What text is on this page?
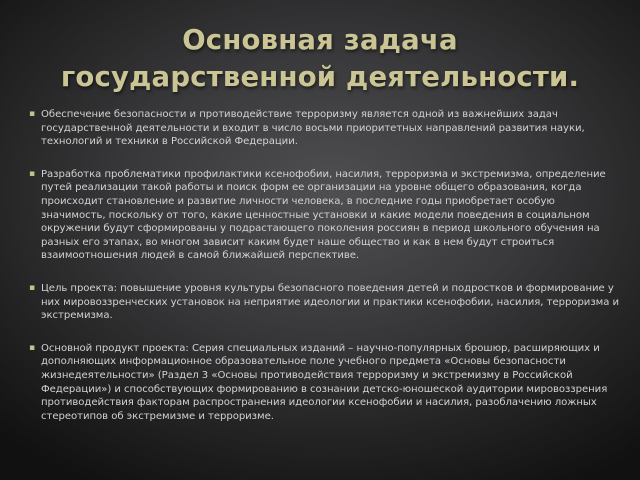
Основная задача
государственной деятельности.
▪ Обеспечение безопасности и противодействие терроризму является одной из важнейших задач государственной деятельности и входит в число восьми приоритетных направлений развития науки, технологий и техники в Российской Федерации.
▪ Разработка проблематики профилактики ксенофобии, насилия, терроризма и экстремизма, определение путей реализации такой работы и поиск форм ее организации на уровне общего образования, когда происходит становление и развитие личности человека, в последние годы приобретает особую значимость, поскольку от того, какие ценностные установки и какие модели поведения в социальном окружении будут сформированы у подрастающего поколения россиян в период школьного обучения на разных его этапах, во многом зависит каким будет наше общество и как в нем будут строиться взаимоотношения людей в самой ближайшей перспективе.
▪ Цель проекта: повышение уровня культуры безопасного поведения детей и подростков и формирование у них мировоззренческих установок на неприятие идеологии и практики ксенофобии, насилия, терроризма и экстремизма.
▪ Основной продукт проекта: Серия специальных изданий – научно-популярных брошюр, расширяющих и дополняющих информационное образовательное поле учебного предмета «Основы безопасности жизнедеятельности» (Раздел 3 «Основы противодействия терроризму и экстремизму в Российской Федерации») и способствующих формированию в сознании детско-юношеской аудитории мировоззрения противодействия факторам распространения идеологии ксенофобии и насилия, разоблачению ложных стереотипов об экстремизме и терроризме.
